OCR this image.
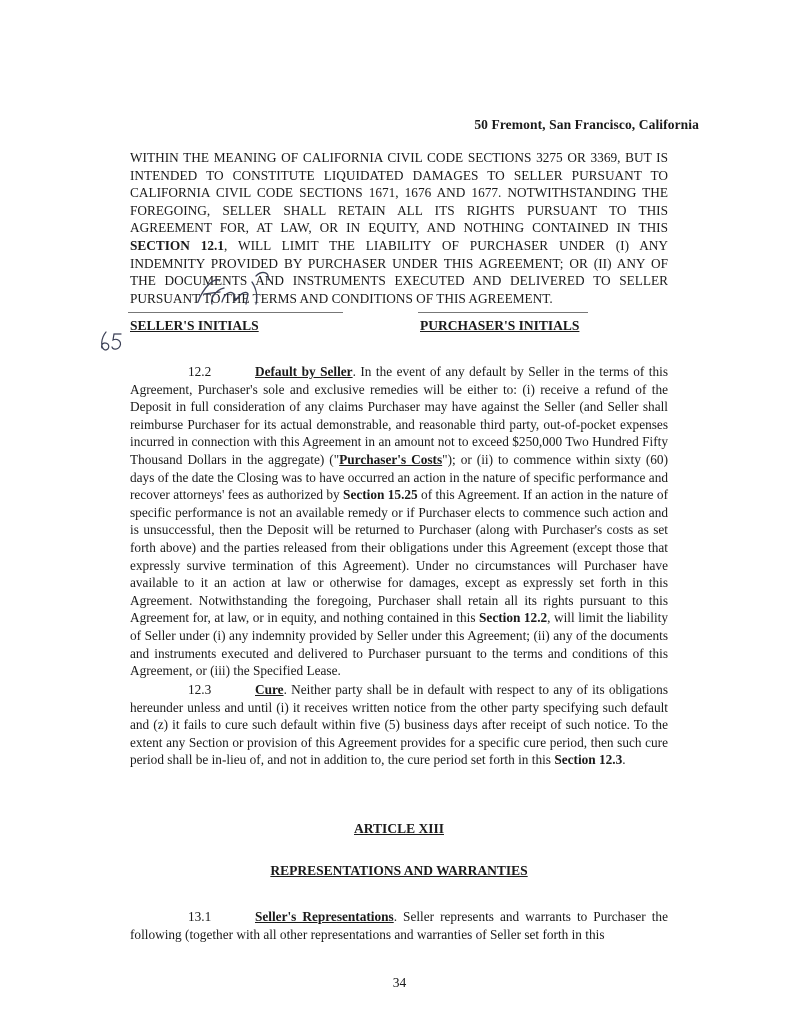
50 Fremont, San Francisco, California
WITHIN THE MEANING OF CALIFORNIA CIVIL CODE SECTIONS 3275 OR 3369, BUT IS INTENDED TO CONSTITUTE LIQUIDATED DAMAGES TO SELLER PURSUANT TO CALIFORNIA CIVIL CODE SECTIONS 1671, 1676 AND 1677. NOTWITHSTANDING THE FOREGOING, SELLER SHALL RETAIN ALL ITS RIGHTS PURSUANT TO THIS AGREEMENT FOR, AT LAW, OR IN EQUITY, AND NOTHING CONTAINED IN THIS SECTION 12.1, WILL LIMIT THE LIABILITY OF PURCHASER UNDER (I) ANY INDEMNITY PROVIDED BY PURCHASER UNDER THIS AGREEMENT; OR (II) ANY OF THE DOCUMENTS AND INSTRUMENTS EXECUTED AND DELIVERED TO SELLER PURSUANT TO THE TERMS AND CONDITIONS OF THIS AGREEMENT.
SELLER'S INITIALS	PURCHASER'S INITIALS
12.2	Default by Seller. In the event of any default by Seller in the terms of this Agreement, Purchaser's sole and exclusive remedies will be either to: (i) receive a refund of the Deposit in full consideration of any claims Purchaser may have against the Seller (and Seller shall reimburse Purchaser for its actual demonstrable, and reasonable third party, out-of-pocket expenses incurred in connection with this Agreement in an amount not to exceed $250,000 Two Hundred Fifty Thousand Dollars in the aggregate) ("Purchaser's Costs"); or (ii) to commence within sixty (60) days of the date the Closing was to have occurred an action in the nature of specific performance and recover attorneys' fees as authorized by Section 15.25 of this Agreement. If an action in the nature of specific performance is not an available remedy or if Purchaser elects to commence such action and is unsuccessful, then the Deposit will be returned to Purchaser (along with Purchaser's costs as set forth above) and the parties released from their obligations under this Agreement (except those that expressly survive termination of this Agreement). Under no circumstances will Purchaser have available to it an action at law or otherwise for damages, except as expressly set forth in this Agreement. Notwithstanding the foregoing, Purchaser shall retain all its rights pursuant to this Agreement for, at law, or in equity, and nothing contained in this Section 12.2, will limit the liability of Seller under (i) any indemnity provided by Seller under this Agreement; (ii) any of the documents and instruments executed and delivered to Purchaser pursuant to the terms and conditions of this Agreement, or (iii) the Specified Lease.
12.3	Cure. Neither party shall be in default with respect to any of its obligations hereunder unless and until (i) it receives written notice from the other party specifying such default and (z) it fails to cure such default within five (5) business days after receipt of such notice. To the extent any Section or provision of this Agreement provides for a specific cure period, then such cure period shall be in-lieu of, and not in addition to, the cure period set forth in this Section 12.3.
ARTICLE XIII
REPRESENTATIONS AND WARRANTIES
13.1	Seller's Representations. Seller represents and warrants to Purchaser the following (together with all other representations and warranties of Seller set forth in this
34
